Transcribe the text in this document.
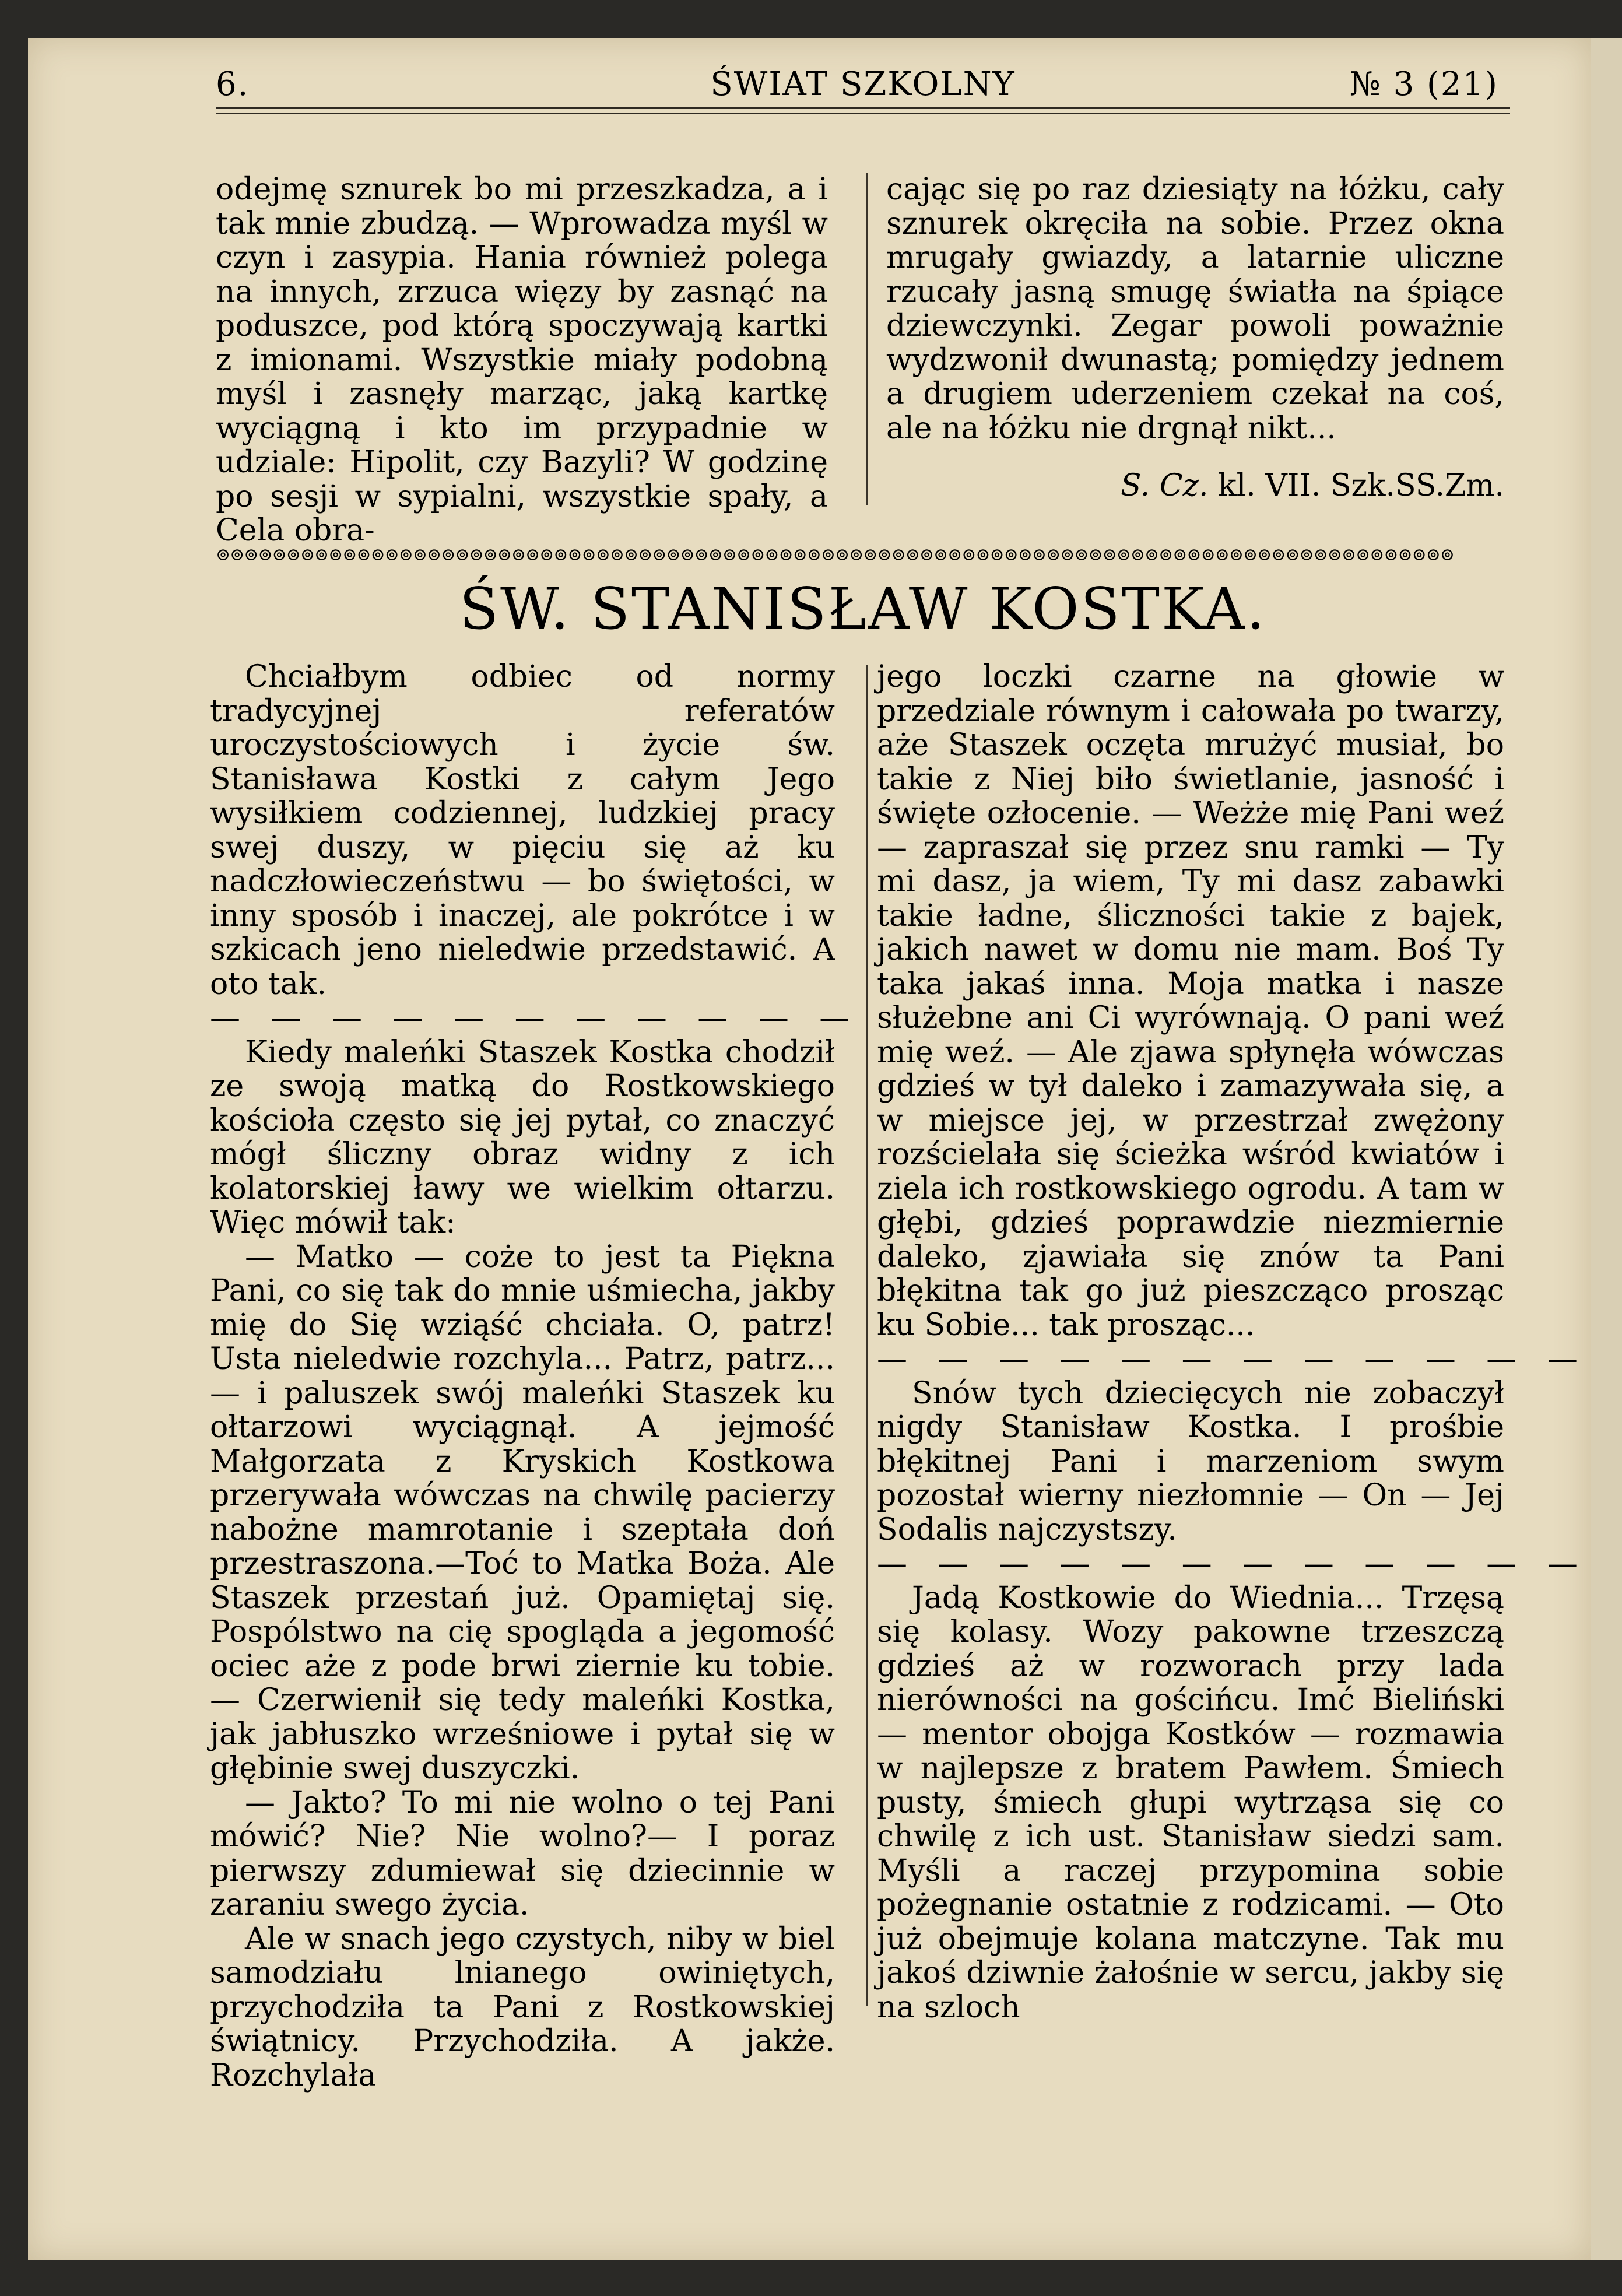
6.	ŚWIAT SZKOLNY	№ 3 (21)

odejmę sznurek bo mi przeszkadza, a i tak mnie zbudzą. — Wprowadza myśl w czyn i zasypia. Hania również polega na innych, zrzuca więzy by zasnąć na poduszce, pod którą spoczywają kartki z imionami. Wszystkie miały podobną myśl i zasnęły marząc, jaką kartkę wyciągną i kto im przypadnie w udziale: Hipolit, czy Bazyli? W godzinę po sesji w sypialni, wszystkie spały, a Cela obra-

cając się po raz dziesiąty na łóżku, cały sznurek okręciła na sobie. Przez okna mrugały gwiazdy, a latarnie uliczne rzucały jasną smugę światła na śpiące dziewczynki. Zegar powoli poważnie wydzwonił dwunastą; pomiędzy jednem a drugiem uderzeniem czekał na coś, ale na łóżku nie drgnął nikt...

S. Cz. kl. VII. Szk.SS.Zm.

⊚⊚⊚⊚⊚⊚⊚⊚⊚⊚⊚⊚⊚⊚⊚⊚⊚⊚⊚⊚⊚⊚⊚⊚⊚⊚⊚⊚⊚⊚⊚⊚⊚⊚⊚⊚⊚⊚⊚⊚⊚⊚⊚⊚⊚⊚⊚⊚⊚⊚⊚⊚⊚⊚⊚⊚⊚⊚⊚⊚⊚⊚⊚⊚⊚⊚⊚⊚⊚⊚⊚⊚⊚⊚⊚⊚⊚⊚⊚⊚⊚⊚⊚⊚⊚⊚⊚⊚
ŚW. STANISŁAW KOSTKA.

Chciałbym odbiec od normy tradycyjnej referatów uroczystościowych i życie św. Stanisława Kostki z całym Jego wysiłkiem codziennej, ludzkiej pracy swej duszy, w pięciu się aż ku nadczłowieczeństwu — bo świętości, w inny sposób i inaczej, ale pokrótce i w szkicach jeno nieledwie przedstawić. A oto tak.

— — — — — — — — — — —

Kiedy maleńki Staszek Kostka chodził ze swoją matką do Rostkowskiego kościoła często się jej pytał, co znaczyć mógł śliczny obraz widny z ich kolatorskiej ławy we wielkim ołtarzu. Więc mówił tak:

— Matko — coże to jest ta Piękna Pani, co się tak do mnie uśmiecha, jakby mię do Się wziąść chciała. O, patrz! Usta nieledwie rozchyla... Patrz, patrz... — i paluszek swój maleńki Staszek ku ołtarzowi wyciągnął. A jejmość Małgorzata z Kryskich Kostkowa przerywała wówczas na chwilę pacierzy nabożne mamrotanie i szeptała doń przestraszona.—Toć to Matka Boża. Ale Staszek przestań już. Opamiętaj się. Pospólstwo na cię spogląda a jegomość ociec aże z pode brwi ziernie ku tobie. — Czerwienił się tedy maleńki Kostka, jak jabłuszko wrześniowe i pytał się w głębinie swej duszyczki.

— Jakto? To mi nie wolno o tej Pani mówić? Nie? Nie wolno?— I poraz pierwszy zdumiewał się dziecinnie w zaraniu swego życia.

Ale w snach jego czystych, niby w biel samodziału lnianego owiniętych, przychodziła ta Pani z Rostkowskiej świątnicy. Przychodziła. A jakże. Rozchylała

jego loczki czarne na głowie w przedziale równym i całowała po twarzy, aże Staszek oczęta mrużyć musiał, bo takie z Niej biło świetlanie, jasność i święte ozłocenie. — Weżże mię Pani weź — zapraszał się przez snu ramki — Ty mi dasz, ja wiem, Ty mi dasz zabawki takie ładne, śliczności takie z bajek, jakich nawet w domu nie mam. Boś Ty taka jakaś inna. Moja matka i nasze służebne ani Ci wyrównają. O pani weź mię weź. — Ale zjawa spłynęła wówczas gdzieś w tył daleko i zamazywała się, a w miejsce jej, w przestrzał zwężony rozścielała się ścieżka wśród kwiatów i ziela ich rostkowskiego ogrodu. A tam w głębi, gdzieś poprawdzie niezmiernie daleko, zjawiała się znów ta Pani błękitna tak go już pieszcząco prosząc ku Sobie... tak prosząc...

— — — — — — — — — — — —

Snów tych dziecięcych nie zobaczył nigdy Stanisław Kostka. I prośbie błękitnej Pani i marzeniom swym pozostał wierny niezłomnie — On — Jej Sodalis najczystszy.

— — — — — — — — — — — —

Jadą Kostkowie do Wiednia... Trzęsą się kolasy. Wozy pakowne trzeszczą gdzieś aż w rozworach przy lada nierówności na gościńcu. Imć Bieliński — mentor obojga Kostków — rozmawia w najlepsze z bratem Pawłem. Śmiech pusty, śmiech głupi wytrząsa się co chwilę z ich ust. Stanisław siedzi sam. Myśli a raczej przypomina sobie pożegnanie ostatnie z rodzicami. — Oto już obejmuje kolana matczyne. Tak mu jakoś dziwnie żałośnie w sercu, jakby się na szloch
